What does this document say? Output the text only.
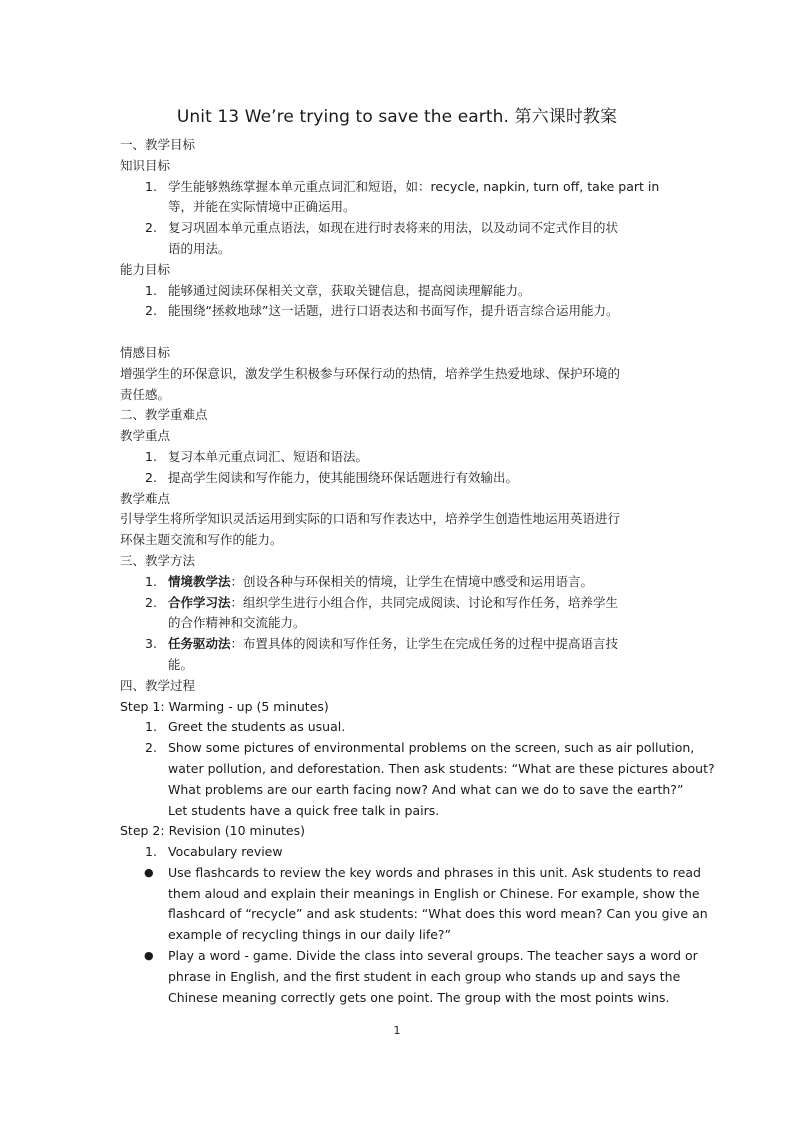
Unit 13 We’re trying to save the earth. 第六课时教案
一、教学目标
知识目标
1. 学生能够熟练掌握本单元重点词汇和短语，如：recycle, napkin, turn off, take part in
等，并能在实际情境中正确运用。
2. 复习巩固本单元重点语法，如现在进行时表将来的用法，以及动词不定式作目的状
语的用法。
能力目标
1. 能够通过阅读环保相关文章，获取关键信息，提高阅读理解能力。
2. 能围绕“拯救地球”这一话题，进行口语表达和书面写作，提升语言综合运用能力。
情感目标
增强学生的环保意识，激发学生积极参与环保行动的热情，培养学生热爱地球、保护环境的
责任感。
二、教学重难点
教学重点
1. 复习本单元重点词汇、短语和语法。
2. 提高学生阅读和写作能力，使其能围绕环保话题进行有效输出。
教学难点
引导学生将所学知识灵活运用到实际的口语和写作表达中，培养学生创造性地运用英语进行
环保主题交流和写作的能力。
三、教学方法
1. 情境教学法：创设各种与环保相关的情境，让学生在情境中感受和运用语言。
2. 合作学习法：组织学生进行小组合作，共同完成阅读、讨论和写作任务，培养学生
的合作精神和交流能力。
3. 任务驱动法：布置具体的阅读和写作任务，让学生在完成任务的过程中提高语言技
能。
四、教学过程
Step 1: Warming - up (5 minutes)
1. Greet the students as usual.
2. Show some pictures of environmental problems on the screen, such as air pollution,
water pollution, and deforestation. Then ask students: “What are these pictures about?
What problems are our earth facing now? And what can we do to save the earth?”
Let students have a quick free talk in pairs.
Step 2: Revision (10 minutes)
1. Vocabulary review
● Use flashcards to review the key words and phrases in this unit. Ask students to read
them aloud and explain their meanings in English or Chinese. For example, show the
flashcard of “recycle” and ask students: “What does this word mean? Can you give an
example of recycling things in our daily life?”
● Play a word - game. Divide the class into several groups. The teacher says a word or
phrase in English, and the first student in each group who stands up and says the
Chinese meaning correctly gets one point. The group with the most points wins.
1
